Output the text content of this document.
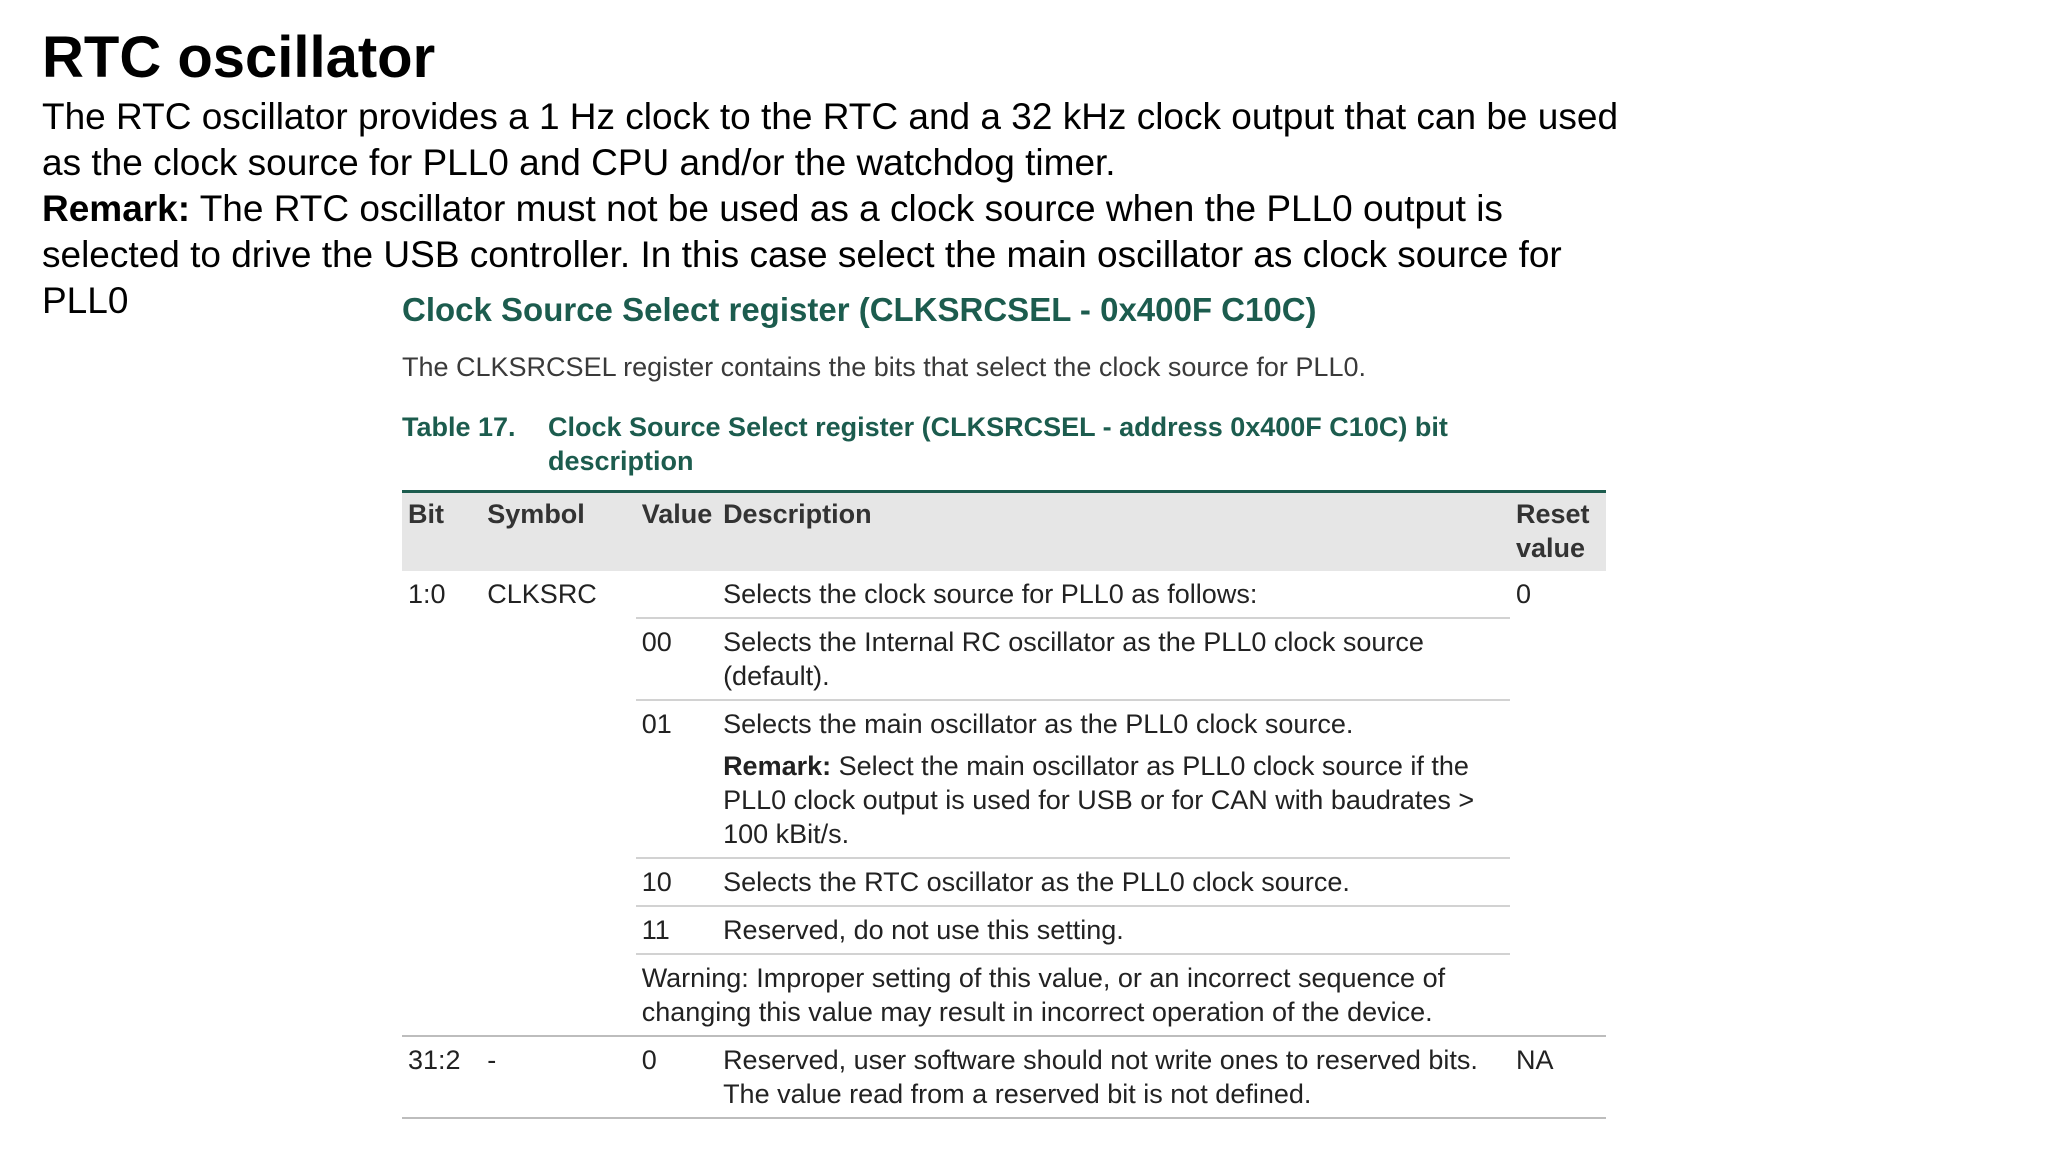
RTC oscillator

The RTC oscillator provides a 1 Hz clock to the RTC and a 32 kHz clock output that can be used as the clock source for PLL0 and CPU and/or the watchdog timer.

Remark: The RTC oscillator must not be used as a clock source when the PLL0 output is selected to drive the USB controller. In this case select the main oscillator as clock source for PLL0	Clock Source Select register (CLKSRCSEL - 0x400F C10C)

The CLKSRCSEL register contains the bits that select the clock source for PLL0.

Table 17.	Clock Source Select register (CLKSRCSEL - address 0x400F C10C) bit description
Bit	Symbol	Value	Description	Reset value
1:0	CLKSRC		Selects the clock source for PLL0 as follows:	0
		00	Selects the Internal RC oscillator as the PLL0 clock source (default).	
		01	Selects the main oscillator as the PLL0 clock source.
Remark: Select the main oscillator as PLL0 clock source if the PLL0 clock output is used for USB or for CAN with baudrates > 100 kBit/s.	

		10	Selects the RTC oscillator as the PLL0 clock source.	
		11	Reserved, do not use this setting.	
		Warning: Improper setting of this value, or an incorrect sequence of changing this value may result in incorrect operation of the device.		
31:2	-	0	Reserved, user software should not write ones to reserved bits. The value read from a reserved bit is not defined.	NA
